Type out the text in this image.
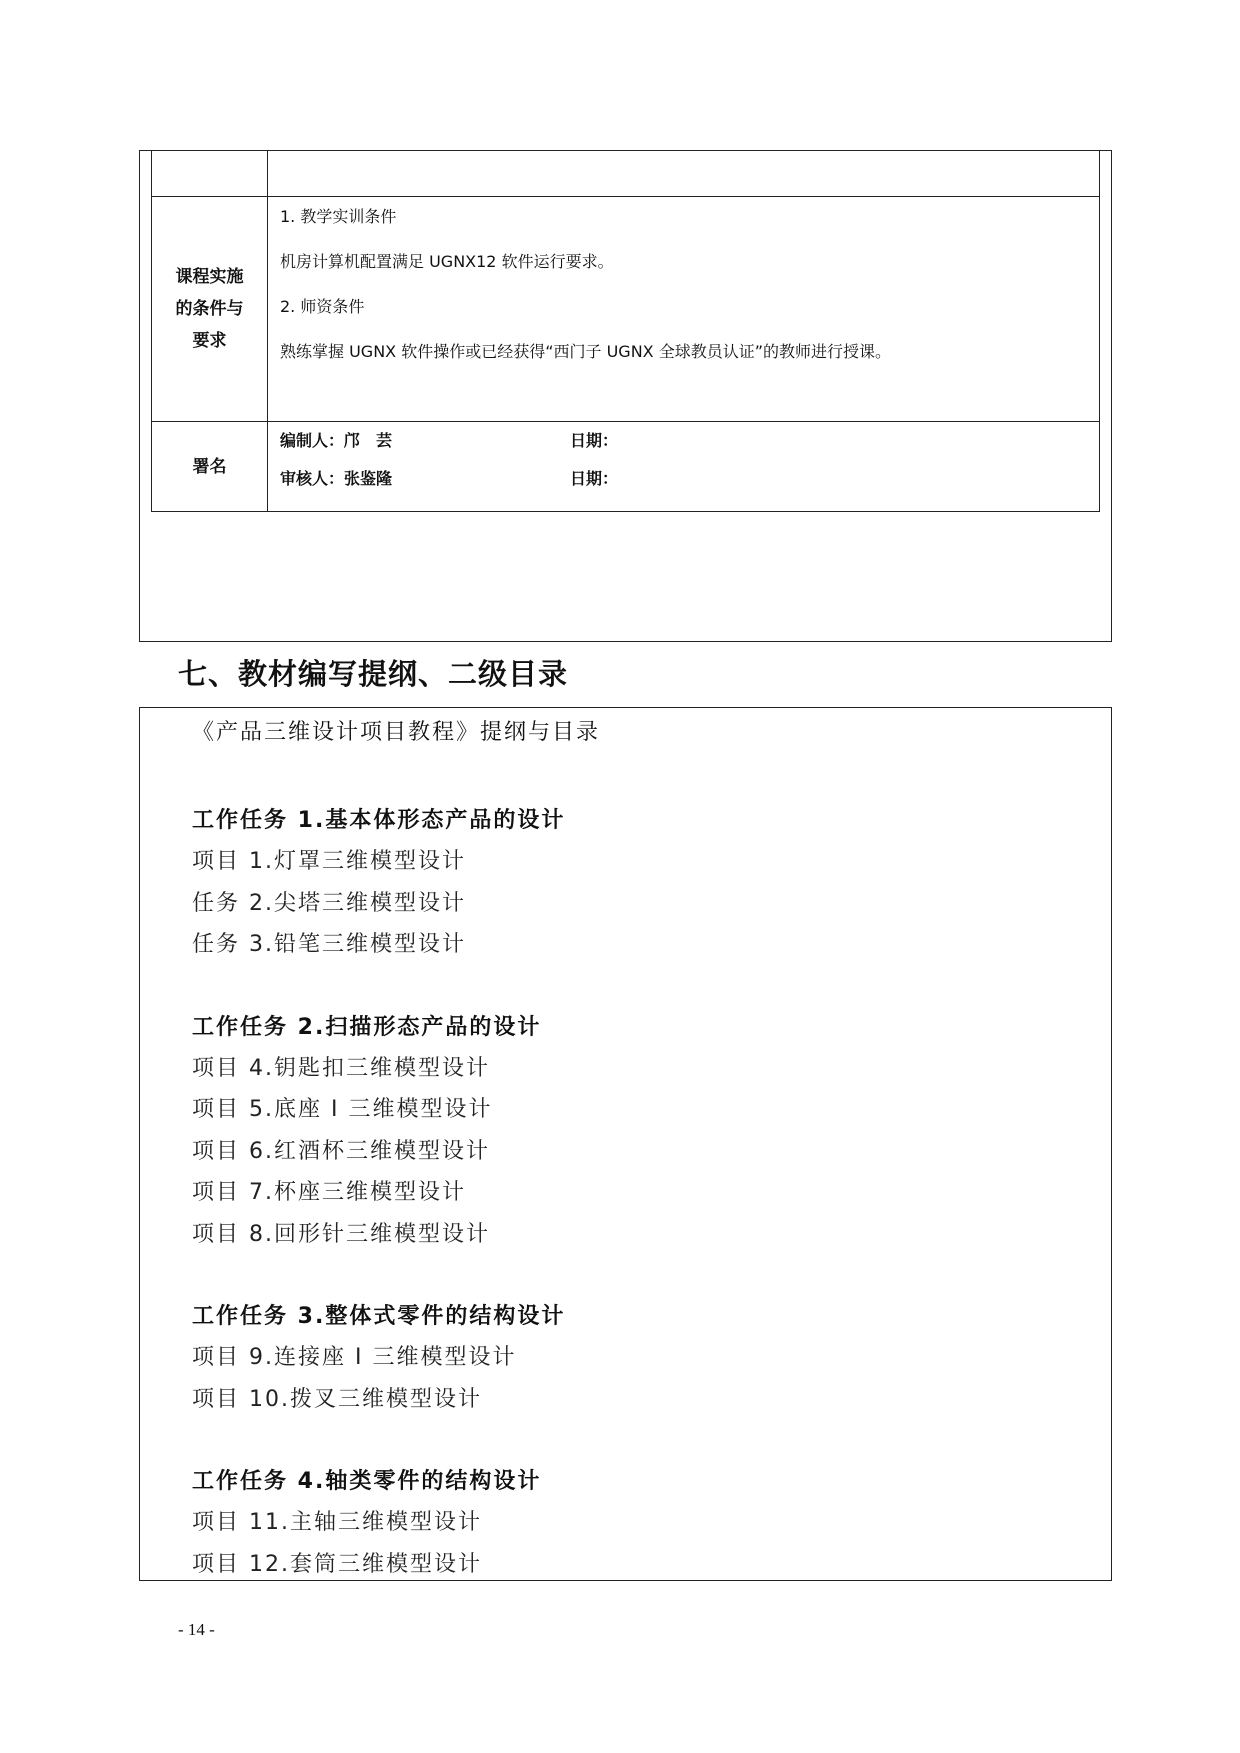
课程实施的条件与要求	1. 教学实训条件

机房计算机配置满足 UGNX12 软件运行要求。

2. 师资条件

熟练掌握 UGNX 软件操作或已经获得“西门子 UGNX 全球教员认证”的教师进行授课。

署名	编制人：邝　芸 日期：
审核人：张鉴隆 日期：
七、教材编写提纲、二级目录
《产品三维设计项目教程》提纲与目录
工作任务 1.基本体形态产品的设计
项目 1.灯罩三维模型设计
任务 2.尖塔三维模型设计
任务 3.铅笔三维模型设计
工作任务 2.扫描形态产品的设计
项目 4.钥匙扣三维模型设计
项目 5.底座 I 三维模型设计
项目 6.红酒杯三维模型设计
项目 7.杯座三维模型设计
项目 8.回形针三维模型设计
工作任务 3.整体式零件的结构设计
项目 9.连接座 I 三维模型设计
项目 10.拨叉三维模型设计
工作任务 4.轴类零件的结构设计
项目 11.主轴三维模型设计
项目 12.套筒三维模型设计
- 14 -
